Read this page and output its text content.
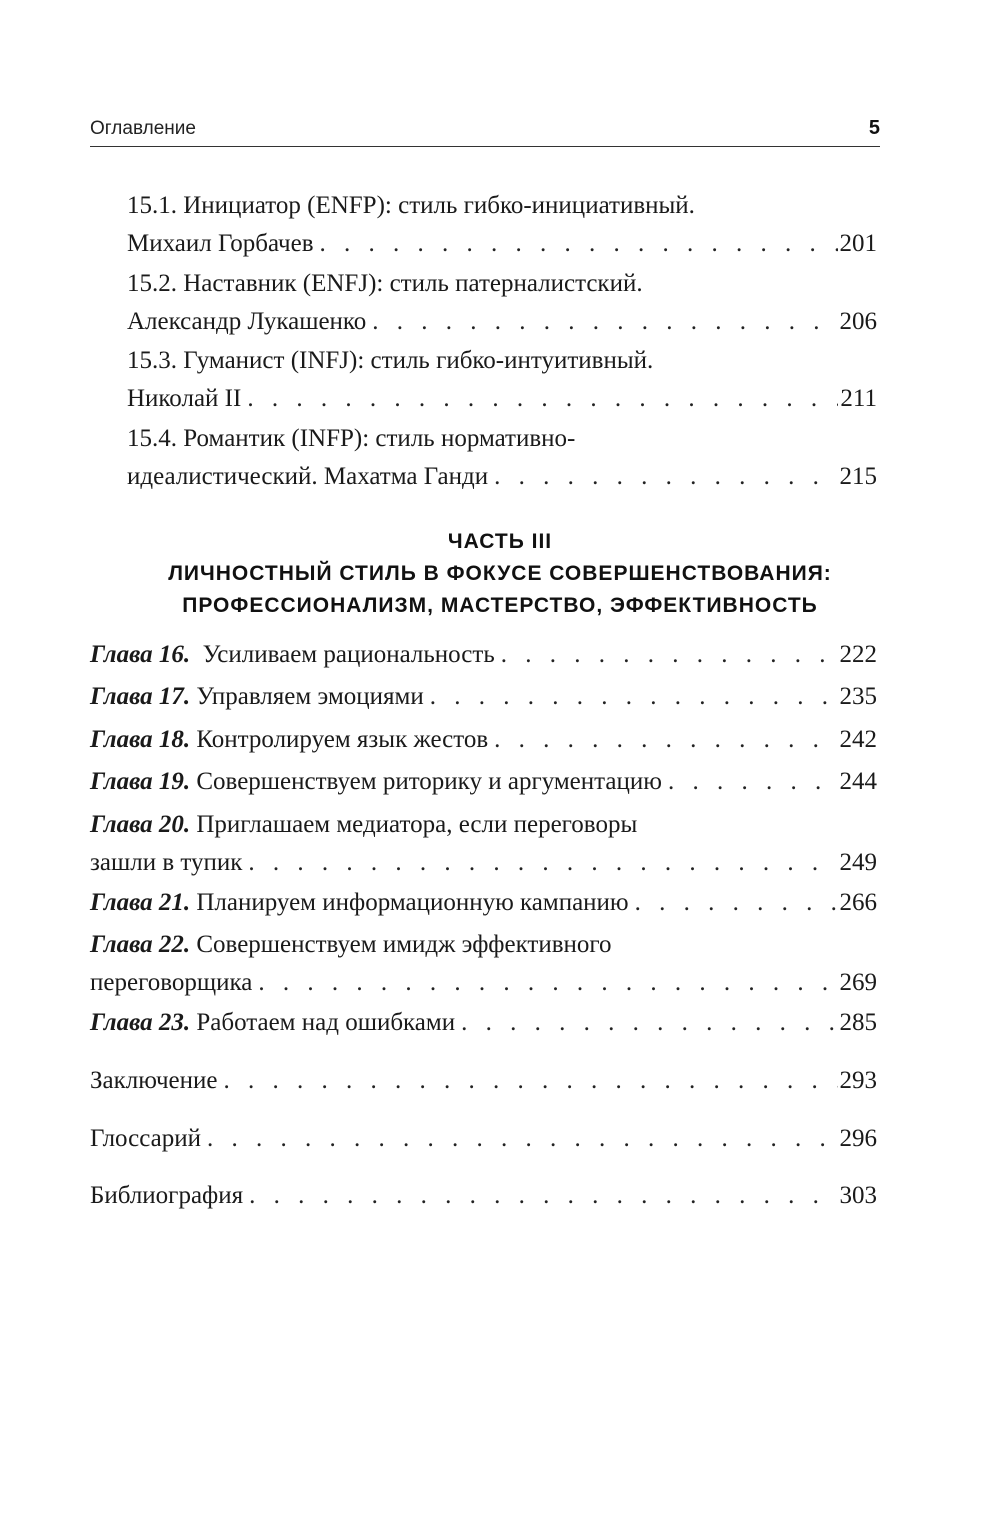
Оглавление	5
15.1. Инициатор (ENFP): стиль гибко-инициативный.
Михаил Горбачев . . .	201
15.2. Наставник (ENFJ): стиль патерналистский.
Александр Лукашенко . . .	206
15.3. Гуманист (INFJ): стиль гибко-интуитивный.
Николай II . . .	211
15.4. Романтик (INFP): стиль нормативно-
идеалистический. Махатма Ганди . . .	215
ЧАСТЬ III
ЛИЧНОСТНЫЙ СТИЛЬ В ФОКУСЕ СОВЕРШЕНСТВОВАНИЯ:
ПРОФЕССИОНАЛИЗМ, МАСТЕРСТВО, ЭФФЕКТИВНОСТЬ
Глава 16. Усиливаем рациональность . . .	222
Глава 17. Управляем эмоциями . . .	235
Глава 18. Контролируем язык жестов . . .	242
Глава 19. Совершенствуем риторику и аргументацию . . .	244
Глава 20. Приглашаем медиатора, если переговоры
зашли в тупик . . .	249
Глава 21. Планируем информационную кампанию . . .	266
Глава 22. Совершенствуем имидж эффективного
переговорщика . . .	269
Глава 23. Работаем над ошибками . . .	285
Заключение . . .	293
Глоссарий . . .	296
Библиография . . .	303
